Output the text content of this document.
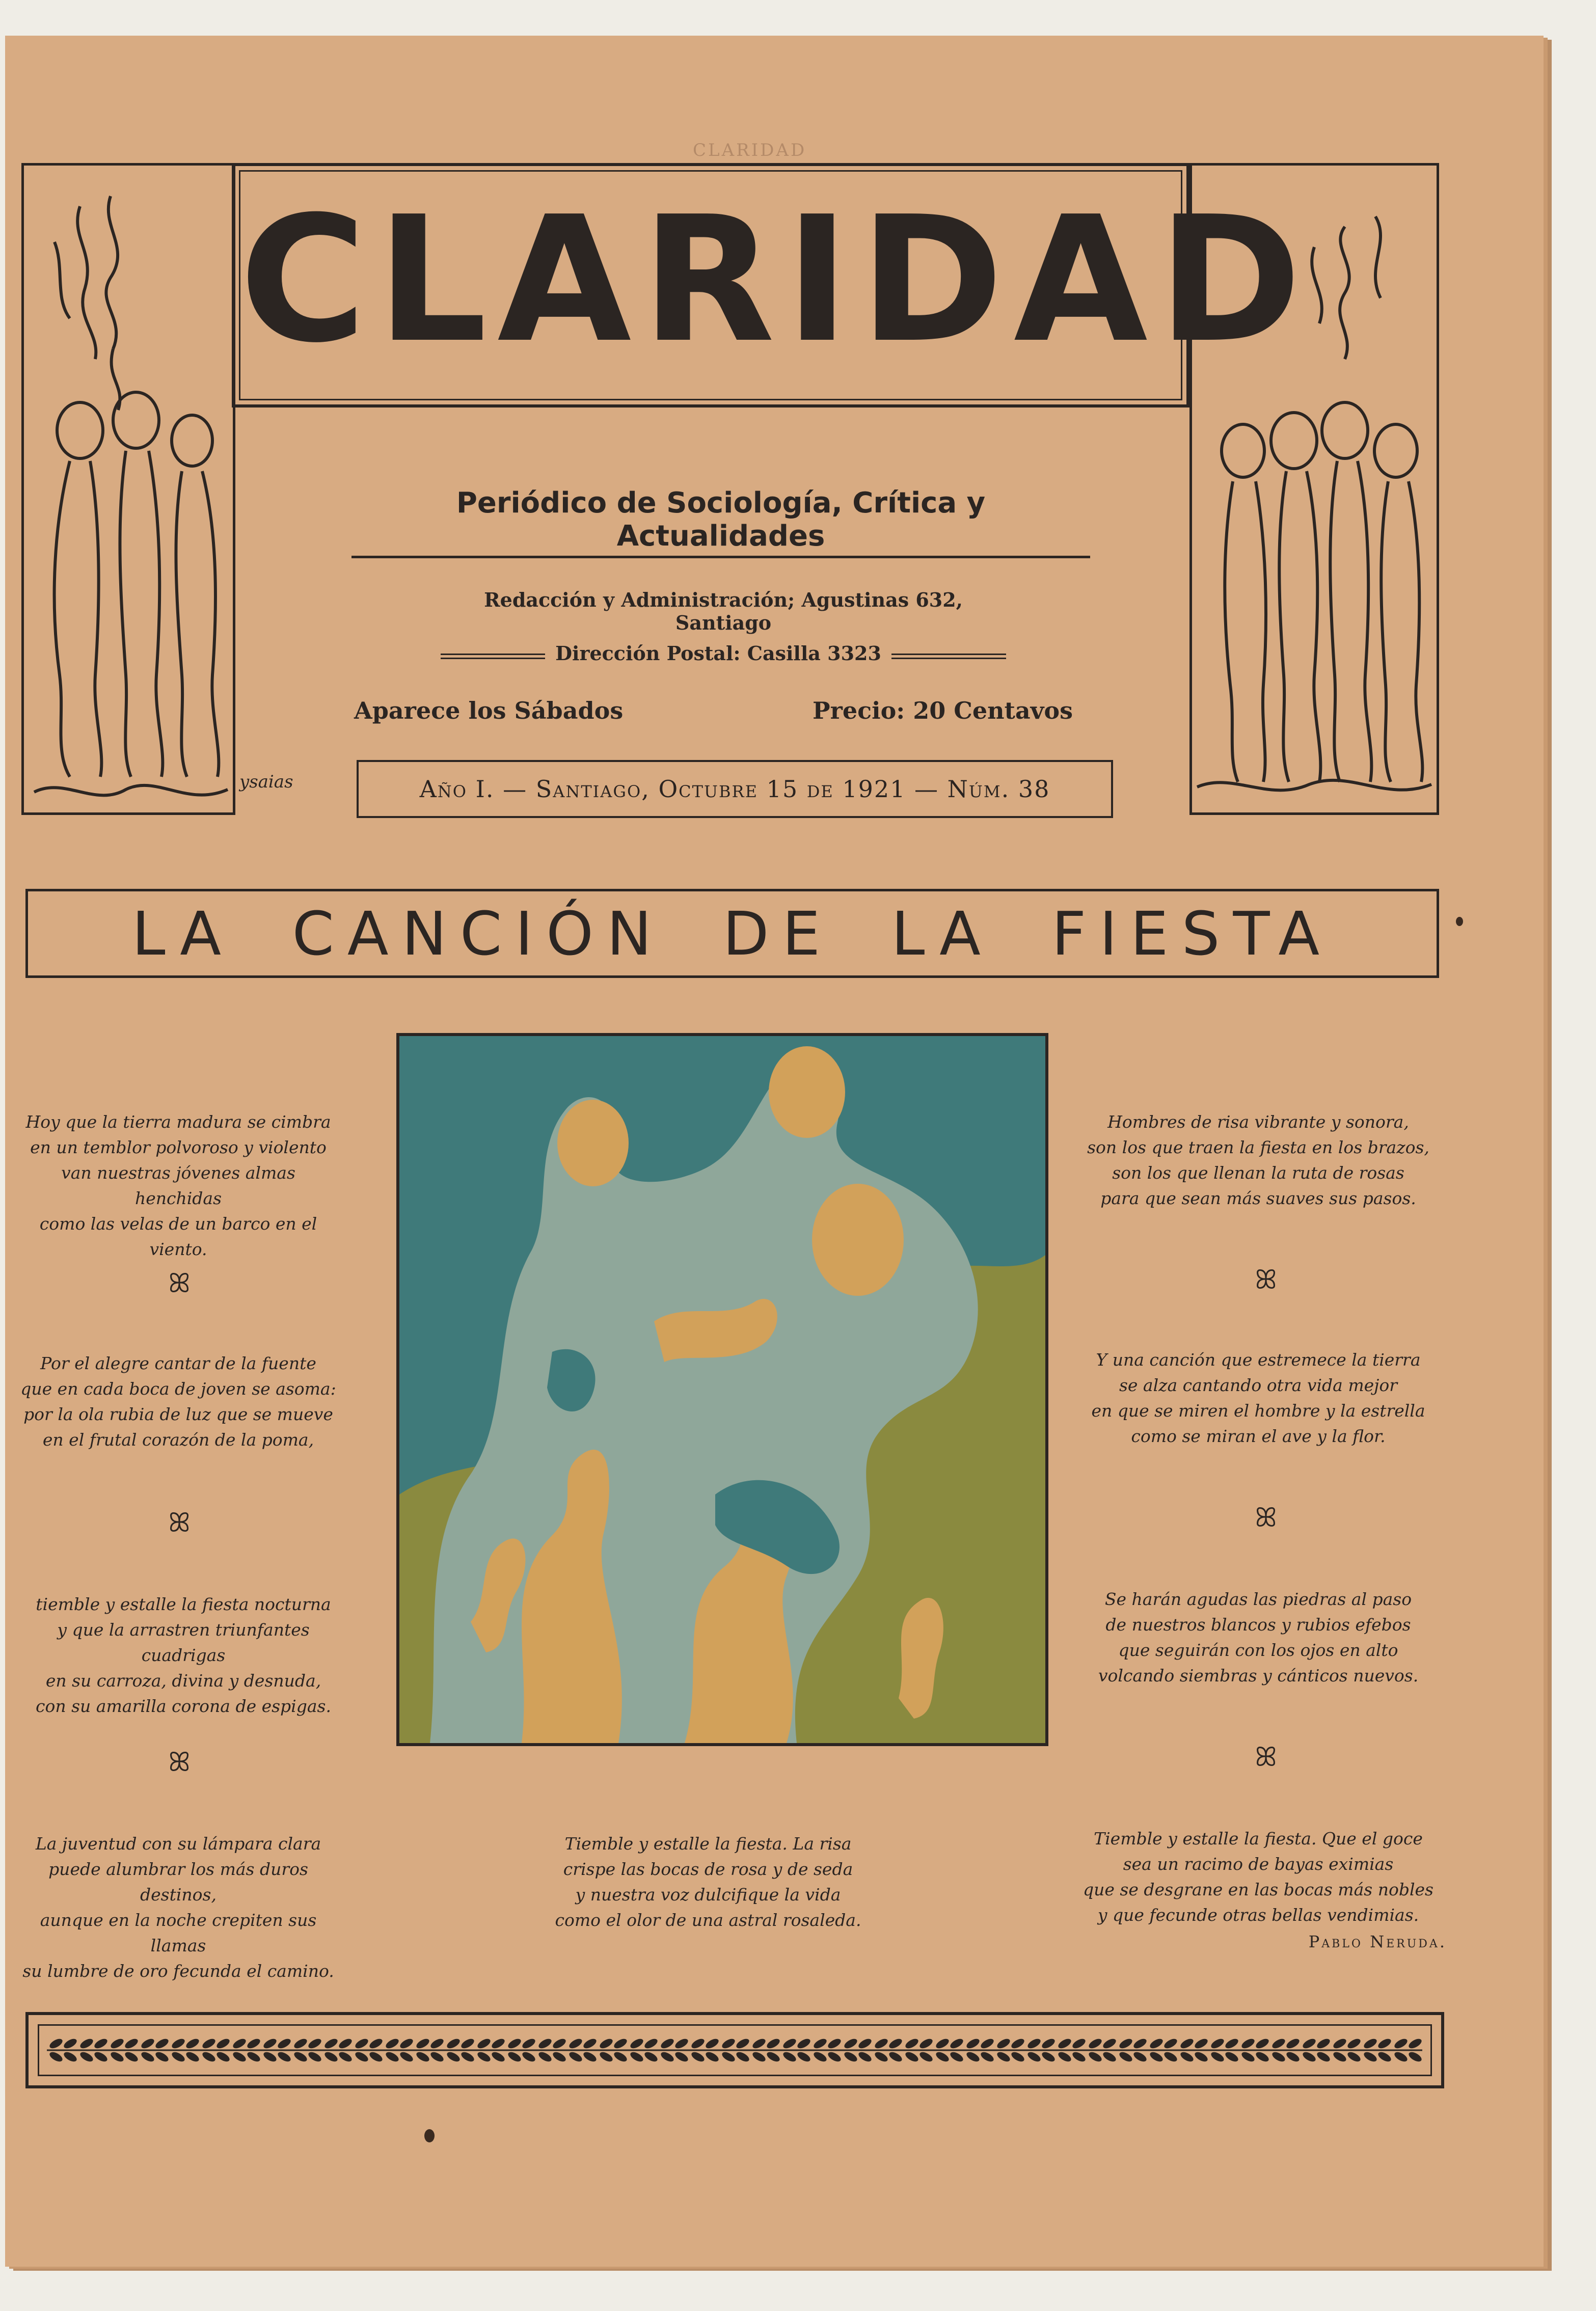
CLARIDAD
ysaias
CLARIDAD
Periódico de Sociología, Crítica y Actualidades
Redacción y Administración; Agustinas 632, Santiago
Dirección Postal: Casilla 3323
Aparece los Sábados	Precio: 20 Centavos
Año I. — Santiago, Octubre 15 de 1921 — Núm. 38
LA CANCIÓN DE LA FIESTA
Hoy que la tierra madura se cimbra
en un temblor polvoroso y violento
van nuestras jóvenes almas henchidas
como las velas de un barco en el viento.
ꕤ
Por el alegre cantar de la fuente
que en cada boca de joven se asoma:
por la ola rubia de luz que se mueve
en el frutal corazón de la poma,
ꕤ
tiemble y estalle la fiesta nocturna
y que la arrastren triunfantes cuadrigas
en su carroza, divina y desnuda,
con su amarilla corona de espigas.
ꕤ
La juventud con su lámpara clara
puede alumbrar los más duros destinos,
aunque en la noche crepiten sus llamas
su lumbre de oro fecunda el camino.
Tiemble y estalle la fiesta. La risa
crispe las bocas de rosa y de seda
y nuestra voz dulcifique la vida
como el olor de una astral rosaleda.
Hombres de risa vibrante y sonora,
son los que traen la fiesta en los brazos,
son los que llenan la ruta de rosas
para que sean más suaves sus pasos.
ꕤ
Y una canción que estremece la tierra
se alza cantando otra vida mejor
en que se miren el hombre y la estrella
como se miran el ave y la flor.
ꕤ
Se harán agudas las piedras al paso
de nuestros blancos y rubios efebos
que seguirán con los ojos en alto
volcando siembras y cánticos nuevos.
ꕤ
Tiemble y estalle la fiesta. Que el goce
sea un racimo de bayas eximias
que se desgrane en las bocas más nobles
y que fecunde otras bellas vendimias.
Pablo Neruda.
